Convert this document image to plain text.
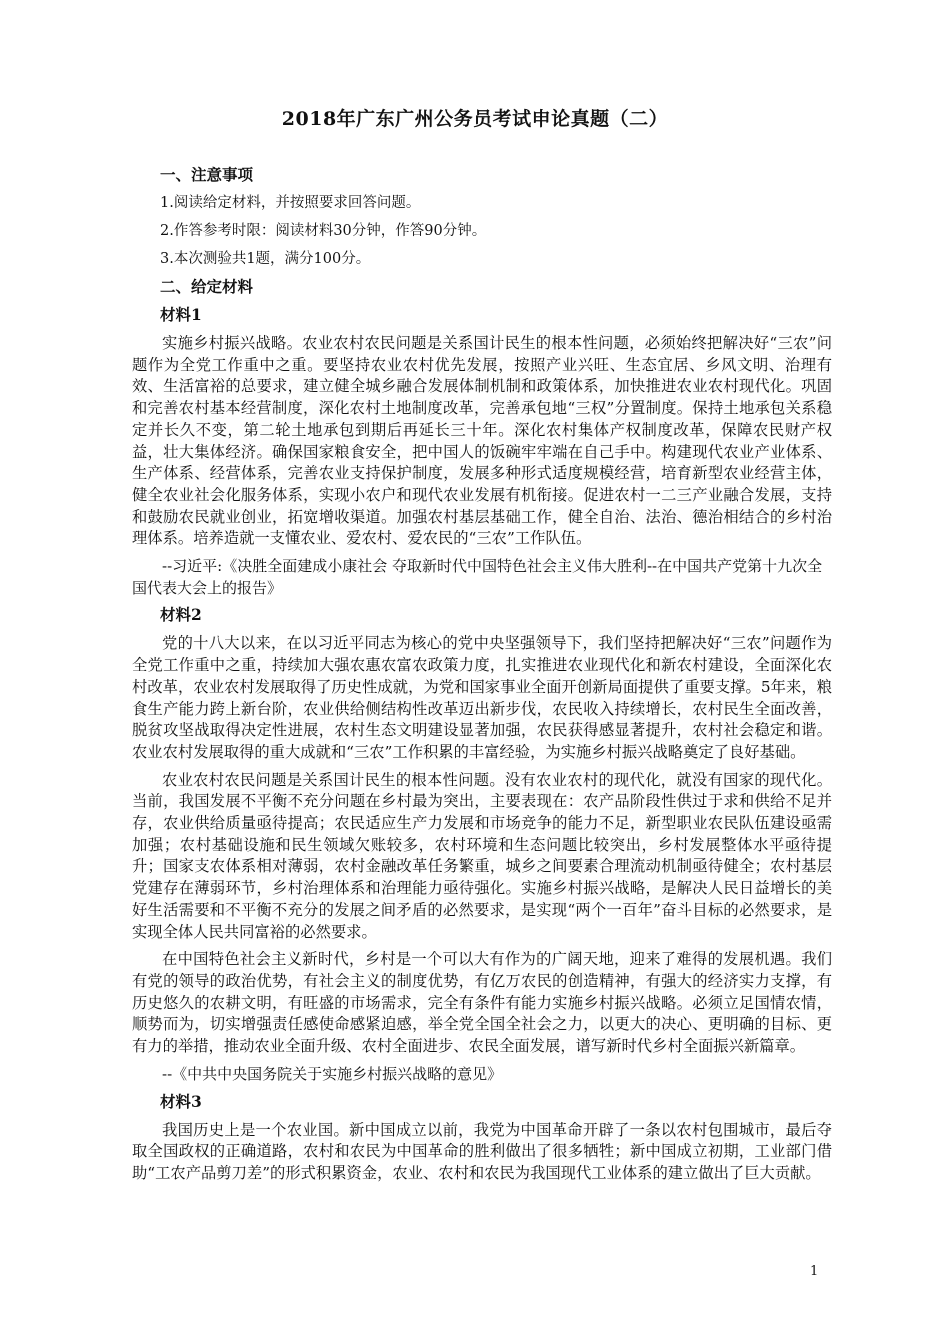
2018年广东广州公务员考试申论真题（二）

一、注意事项

1.阅读给定材料，并按照要求回答问题。

2.作答参考时限：阅读材料30分钟，作答90分钟。

3.本次测验共1题，满分100分。

二、给定材料

材料1

实施乡村振兴战略。农业农村农民问题是关系国计民生的根本性问题，必须始终把解决好“三农”问题作为全党工作重中之重。要坚持农业农村优先发展，按照产业兴旺、生态宜居、乡风文明、治理有效、生活富裕的总要求，建立健全城乡融合发展体制机制和政策体系，加快推进农业农村现代化。巩固和完善农村基本经营制度，深化农村土地制度改革，完善承包地“三权”分置制度。保持土地承包关系稳定并长久不变，第二轮土地承包到期后再延长三十年。深化农村集体产权制度改革，保障农民财产权益，壮大集体经济。确保国家粮食安全，把中国人的饭碗牢牢端在自己手中。构建现代农业产业体系、生产体系、经营体系，完善农业支持保护制度，发展多种形式适度规模经营，培育新型农业经营主体，健全农业社会化服务体系，实现小农户和现代农业发展有机衔接。促进农村一二三产业融合发展，支持和鼓励农民就业创业，拓宽增收渠道。加强农村基层基础工作，健全自治、法治、德治相结合的乡村治理体系。培养造就一支懂农业、爱农村、爱农民的“三农”工作队伍。

--习近平:《决胜全面建成小康社会 夺取新时代中国特色社会主义伟大胜利--在中国共产党第十九次全国代表大会上的报告》

材料2

党的十八大以来，在以习近平同志为核心的党中央坚强领导下，我们坚持把解决好“三农”问题作为全党工作重中之重，持续加大强农惠农富农政策力度，扎实推进农业现代化和新农村建设，全面深化农村改革，农业农村发展取得了历史性成就，为党和国家事业全面开创新局面提供了重要支撑。5年来，粮食生产能力跨上新台阶，农业供给侧结构性改革迈出新步伐，农民收入持续增长，农村民生全面改善，脱贫攻坚战取得决定性进展，农村生态文明建设显著加强，农民获得感显著提升，农村社会稳定和谐。农业农村发展取得的重大成就和“三农”工作积累的丰富经验，为实施乡村振兴战略奠定了良好基础。

农业农村农民问题是关系国计民生的根本性问题。没有农业农村的现代化，就没有国家的现代化。当前，我国发展不平衡不充分问题在乡村最为突出，主要表现在：农产品阶段性供过于求和供给不足并存，农业供给质量亟待提高；农民适应生产力发展和市场竞争的能力不足，新型职业农民队伍建设亟需加强；农村基础设施和民生领域欠账较多，农村环境和生态问题比较突出，乡村发展整体水平亟待提升；国家支农体系相对薄弱，农村金融改革任务繁重，城乡之间要素合理流动机制亟待健全；农村基层党建存在薄弱环节，乡村治理体系和治理能力亟待强化。实施乡村振兴战略，是解决人民日益增长的美好生活需要和不平衡不充分的发展之间矛盾的必然要求，是实现“两个一百年”奋斗目标的必然要求，是实现全体人民共同富裕的必然要求。

在中国特色社会主义新时代，乡村是一个可以大有作为的广阔天地，迎来了难得的发展机遇。我们有党的领导的政治优势，有社会主义的制度优势，有亿万农民的创造精神，有强大的经济实力支撑，有历史悠久的农耕文明，有旺盛的市场需求，完全有条件有能力实施乡村振兴战略。必须立足国情农情，顺势而为，切实增强责任感使命感紧迫感，举全党全国全社会之力，以更大的决心、更明确的目标、更有力的举措，推动农业全面升级、农村全面进步、农民全面发展，谱写新时代乡村全面振兴新篇章。

--《中共中央国务院关于实施乡村振兴战略的意见》

材料3

我国历史上是一个农业国。新中国成立以前，我党为中国革命开辟了一条以农村包围城市，最后夺取全国政权的正确道路，农村和农民为中国革命的胜利做出了很多牺牲；新中国成立初期，工业部门借助“工农产品剪刀差”的形式积累资金，农业、农村和农民为我国现代工业体系的建立做出了巨大贡献。

1
